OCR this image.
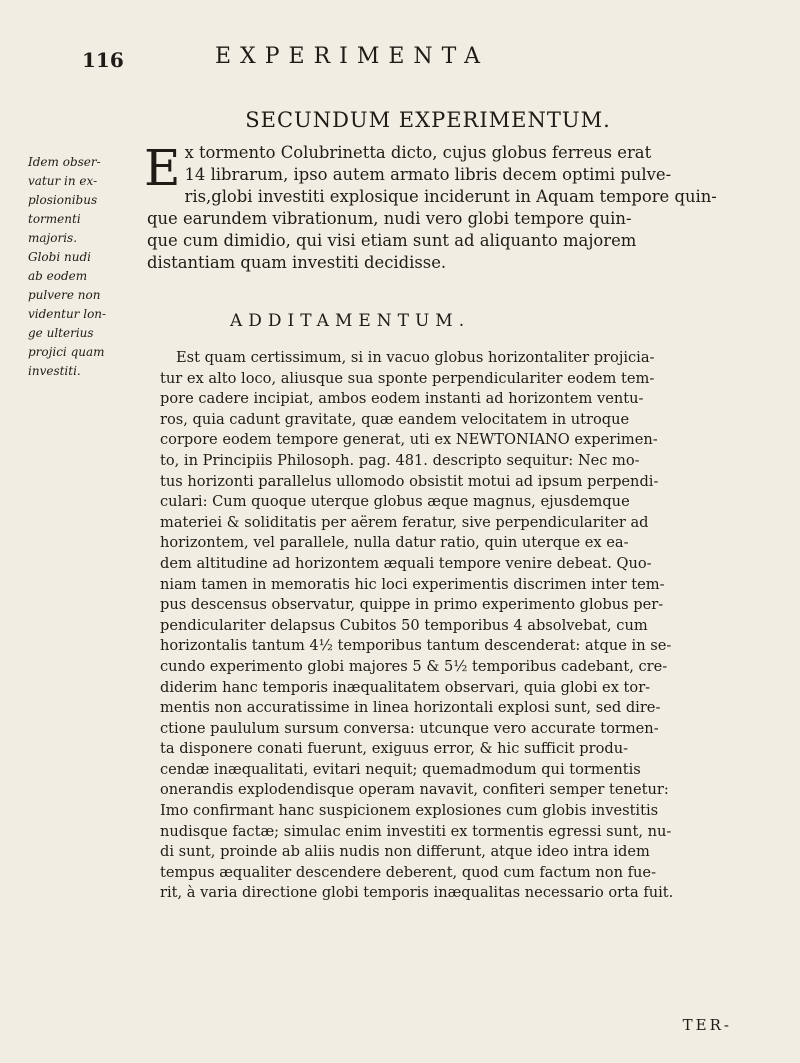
116	EXPERIMENTA
SECUNDUM EXPERIMENTUM.
Idem obser-
vatur in ex-
plosionibus
tormenti
majoris.
Globi nudi
ab eodem
pulvere non
videntur lon-
ge ulterius
projici quam
investiti.

E x tormento Colubrinetta dicto, cujus globus ferreus erat
14 librarum, ipso autem armato libris decem optimi pulve-
ris,globi investiti explosique inciderunt in Aquam tempore quin-
que earundem vibrationum, nudi vero globi tempore quin-
que cum dimidio, qui visi etiam sunt ad aliquanto majorem
distantiam quam investiti decidisse.

ADDITAMENTUM.
Est quam certissimum, si in vacuo globus horizontaliter projicia-
tur ex alto loco, aliusque sua sponte perpendiculariter eodem tem-
pore cadere incipiat, ambos eodem instanti ad horizontem ventu-
ros, quia cadunt gravitate, quæ eandem velocitatem in utroque
corpore eodem tempore generat, uti ex NEWTONIANO experimen-
to, in Principiis Philosoph. pag. 481. descripto sequitur: Nec mo-
tus horizonti parallelus ullomodo obsistit motui ad ipsum perpendi-
culari: Cum quoque uterque globus æque magnus, ejusdemque
materiei & soliditatis per aërem feratur, sive perpendiculariter ad
horizontem, vel parallele, nulla datur ratio, quin uterque ex ea-
dem altitudine ad horizontem æquali tempore venire debeat. Quo-
niam tamen in memoratis hic loci experimentis discrimen inter tem-
pus descensus observatur, quippe in primo experimento globus per-
pendiculariter delapsus Cubitos 50 temporibus 4 absolvebat, cum
horizontalis tantum 4½ temporibus tantum descenderat: atque in se-
cundo experimento globi majores 5 & 5½ temporibus cadebant, cre-
diderim hanc temporis inæqualitatem observari, quia globi ex tor-
mentis non accuratissime in linea horizontali explosi sunt, sed dire-
ctione paululum sursum conversa: utcunque vero accurate tormen-
ta disponere conati fuerunt, exiguus error, & hic sufficit produ-
cendæ inæqualitati, evitari nequit; quemadmodum qui tormentis
onerandis explodendisque operam navavit, confiteri semper tenetur:
Imo confirmant hanc suspicionem explosiones cum globis investitis
nudisque factæ; simulac enim investiti ex tormentis egressi sunt, nu-
di sunt, proinde ab aliis nudis non differunt, atque ideo intra idem
tempus æqualiter descendere deberent, quod cum factum non fue-
rit, à varia directione globi temporis inæqualitas necessario orta fuit.
TER-
